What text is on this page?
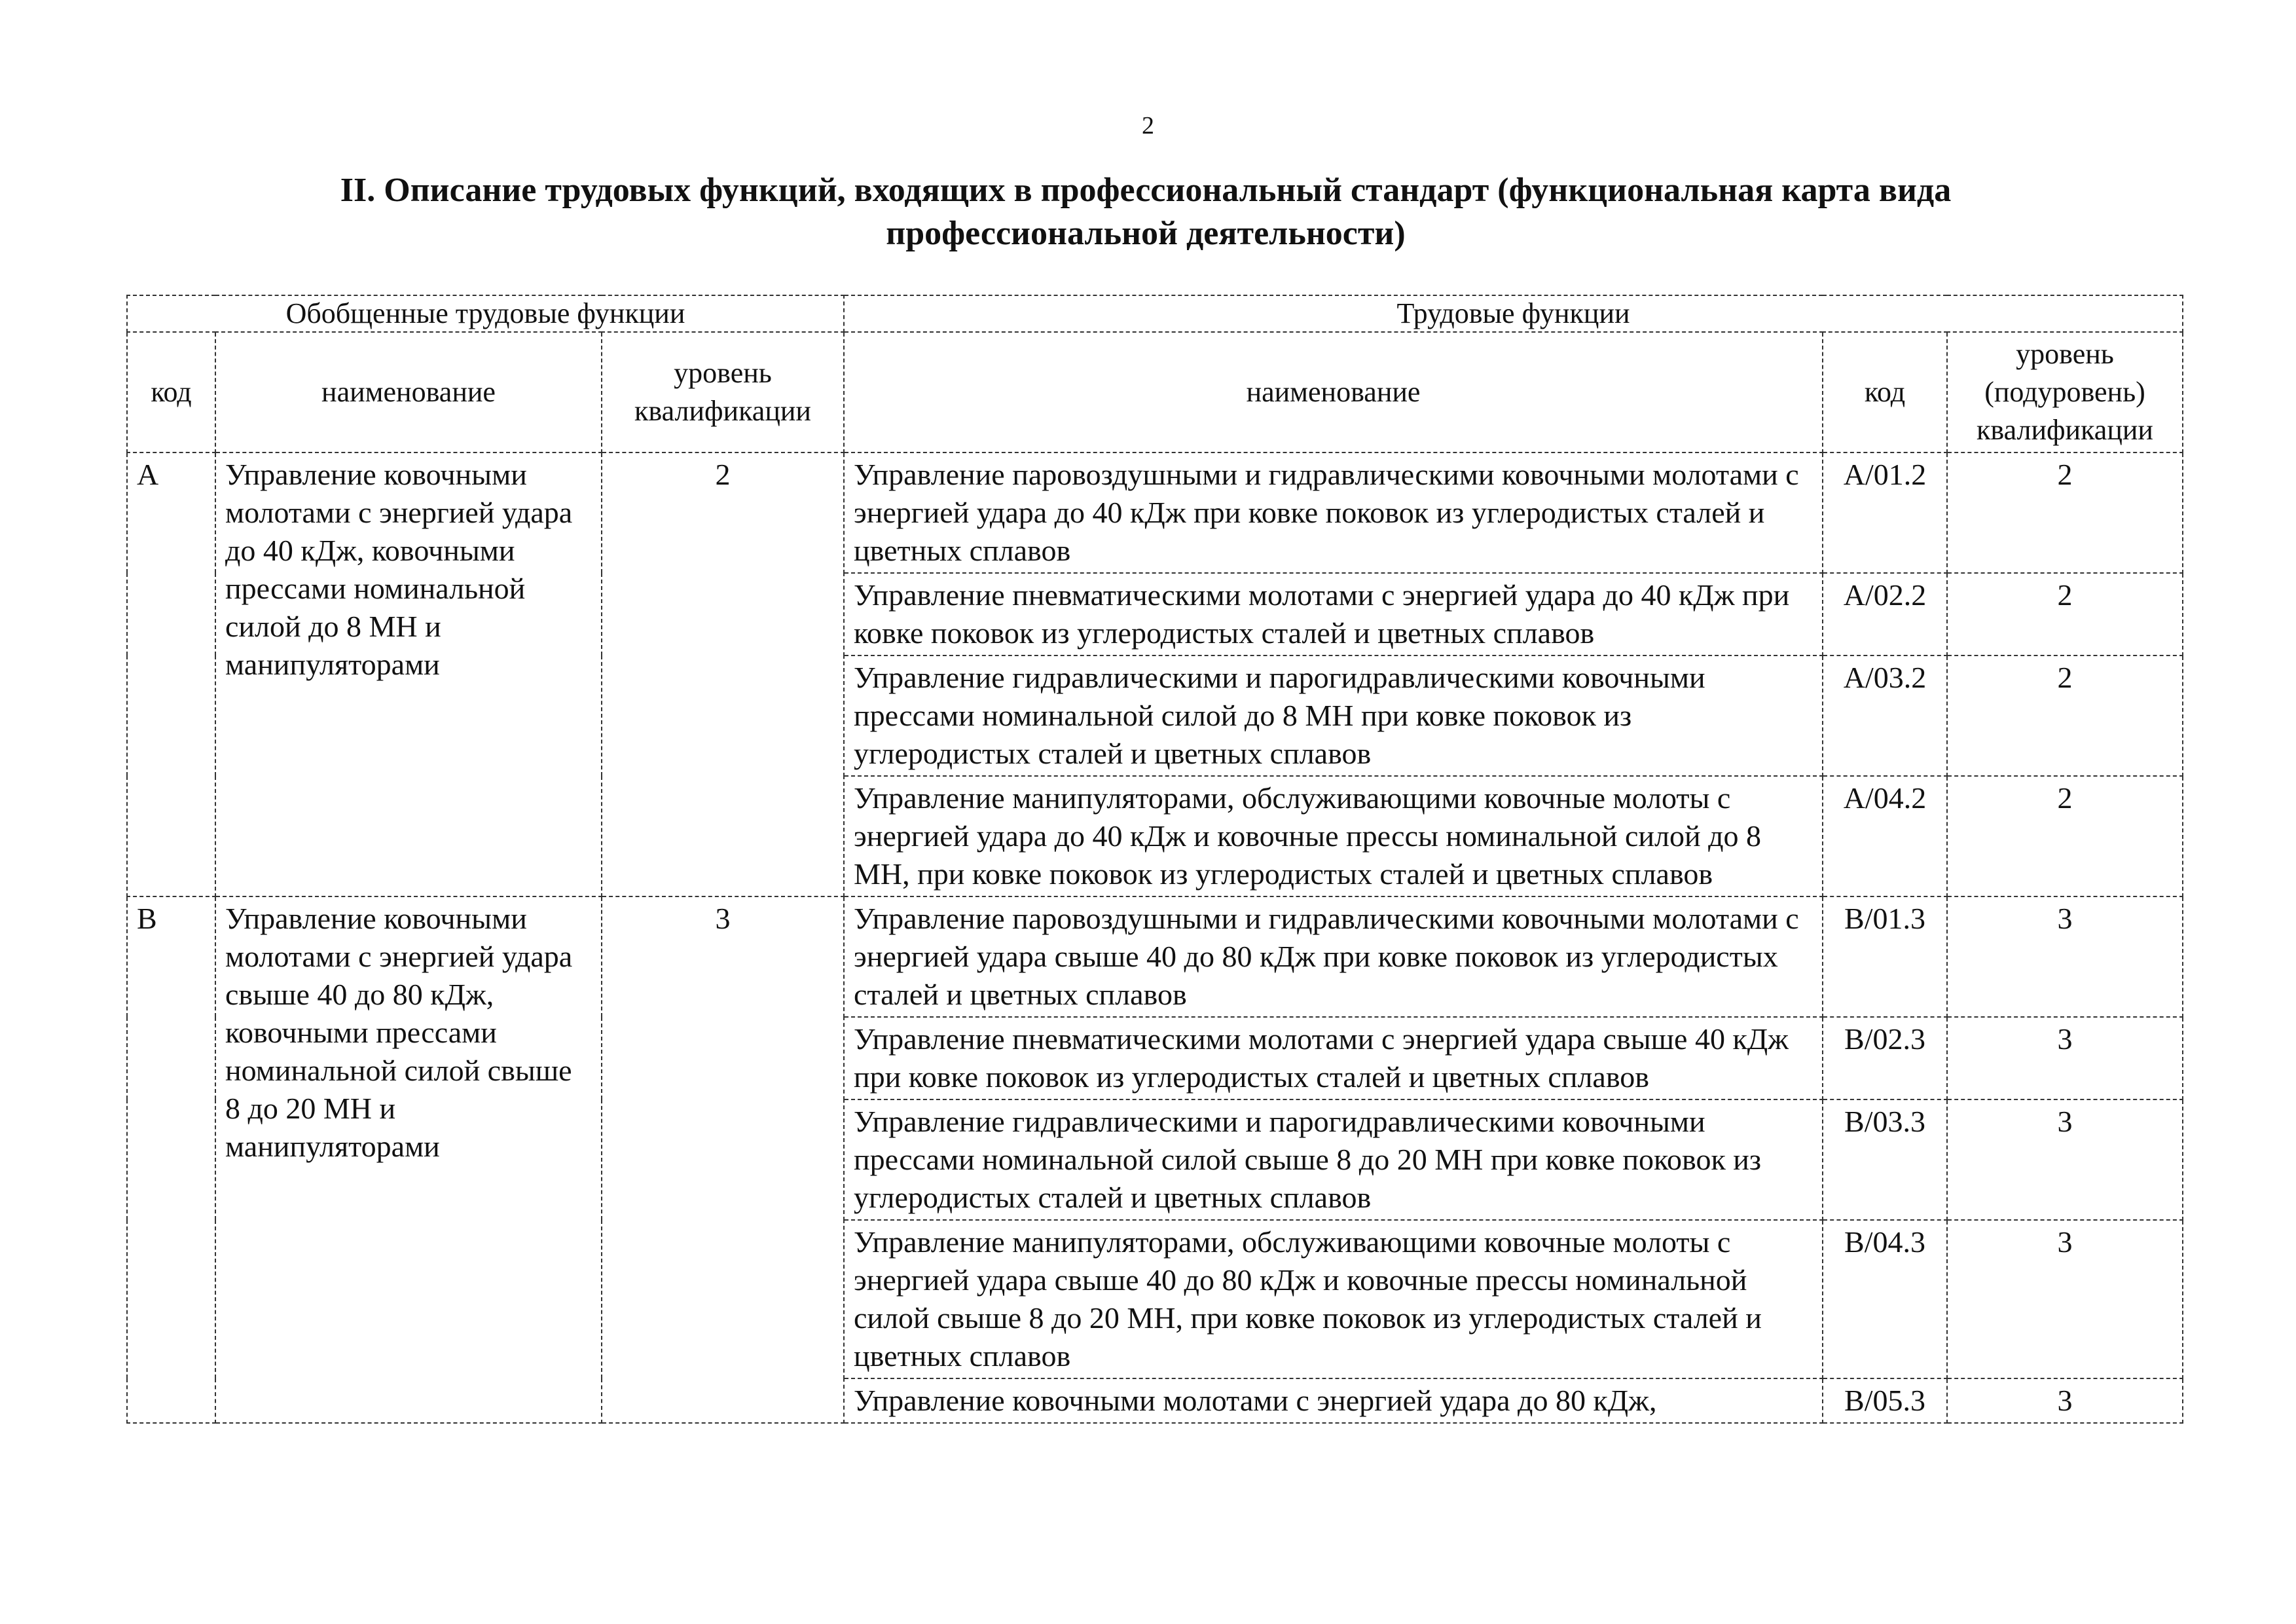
2
II. Описание трудовых функций, входящих в профессиональный стандарт (функциональная карта вида профессиональной деятельности)
Обобщенные трудовые функции			Трудовые функции		
код	наименование	уровень квалификации	наименование	код	уровень (подуровень) квалификации
A	Управление ковочными молотами с энергией удара до 40 кДж, ковочными прессами номинальной силой до 8 МН и манипуляторами	2	Управление паровоздушными и гидравлическими ковочными молотами с энергией удара до 40 кДж при ковке поковок из углеродистых сталей и цветных сплавов	A/01.2	2
			Управление пневматическими молотами с энергией удара до 40 кДж при ковке поковок из углеродистых сталей и цветных сплавов	A/02.2	2
			Управление гидравлическими и парогидравлическими ковочными прессами номинальной силой до 8 МН при ковке поковок из углеродистых сталей и цветных сплавов	A/03.2	2
			Управление манипуляторами, обслуживающими ковочные молоты с энергией удара до 40 кДж и ковочные прессы номинальной силой до 8 МН, при ковке поковок из углеродистых сталей и цветных сплавов	A/04.2	2
B	Управление ковочными молотами с энергией удара свыше 40 до 80 кДж, ковочными прессами номинальной силой свыше 8 до 20 МН и манипуляторами	3	Управление паровоздушными и гидравлическими ковочными молотами с энергией удара свыше 40 до 80 кДж при ковке поковок из углеродистых сталей и цветных сплавов	B/01.3	3
			Управление пневматическими молотами с энергией удара свыше 40 кДж при ковке поковок из углеродистых сталей и цветных сплавов	B/02.3	3
			Управление гидравлическими и парогидравлическими ковочными прессами номинальной силой свыше 8 до 20 МН при ковке поковок из углеродистых сталей и цветных сплавов	B/03.3	3
			Управление манипуляторами, обслуживающими ковочные молоты с энергией удара свыше 40 до 80 кДж и ковочные прессы номинальной силой свыше 8 до 20 МН, при ковке поковок из углеродистых сталей и цветных сплавов	B/04.3	3
			Управление ковочными молотами с энергией удара до 80 кДж,	B/05.3	3
